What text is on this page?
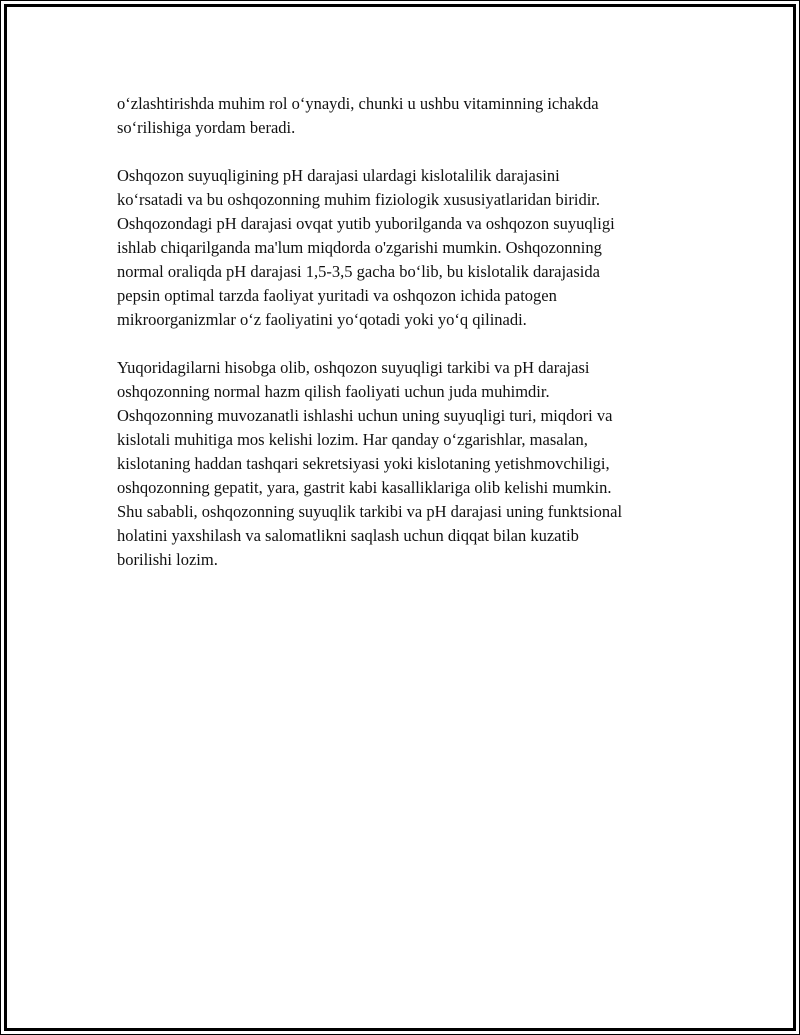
oʻzlashtirishda muhim rol oʻynaydi, chunki u ushbu vitaminning ichakda
soʻrilishiga yordam beradi.

Oshqozon suyuqligining pH darajasi ulardagi kislotalilik darajasini
koʻrsatadi va bu oshqozonning muhim fiziologik xususiyatlaridan biridir.
Oshqozondagi pH darajasi ovqat yutib yuborilganda va oshqozon suyuqligi
ishlab chiqarilganda ma'lum miqdorda o'zgarishi mumkin. Oshqozonning
normal oraliqda pH darajasi 1,5-3,5 gacha boʻlib, bu kislotalik darajasida
pepsin optimal tarzda faoliyat yuritadi va oshqozon ichida patogen
mikroorganizmlar oʻz faoliyatini yoʻqotadi yoki yoʻq qilinadi.

Yuqoridagilarni hisobga olib, oshqozon suyuqligi tarkibi va pH darajasi
oshqozonning normal hazm qilish faoliyati uchun juda muhimdir.
Oshqozonning muvozanatli ishlashi uchun uning suyuqligi turi, miqdori va
kislotali muhitiga mos kelishi lozim. Har qanday oʻzgarishlar, masalan,
kislotaning haddan tashqari sekretsiyasi yoki kislotaning yetishmovchiligi,
oshqozonning gepatit, yara, gastrit kabi kasalliklariga olib kelishi mumkin.
Shu sababli, oshqozonning suyuqlik tarkibi va pH darajasi uning funktsional
holatini yaxshilash va salomatlikni saqlash uchun diqqat bilan kuzatib
borilishi lozim.
